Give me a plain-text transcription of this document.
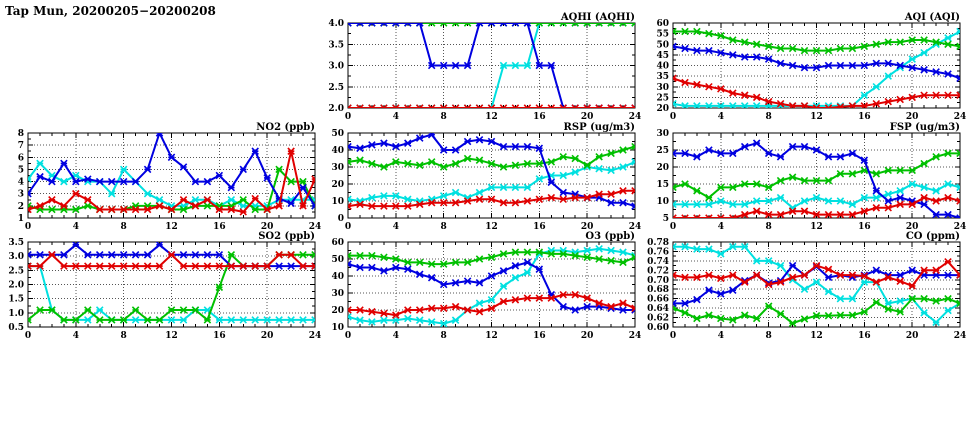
Tap Mun, 20200205−20200208
2.0
2.5
3.0
3.5
4.0
0	4	8	12	16	20	24
AQHI (AQHI)
20
25
30
35
40
45
50
55
60
0	4	8	12	16	20	24
AQI (AQI)
1
2
3
4
5
6
7
8
0	4	8	12	16	20	24
NO2 (ppb)
0
10
20
30
40
50
0	4	8	12	16	20	24
RSP (ug/m3)
5
10
15
20
25
30
0	4	8	12	16	20	24
FSP (ug/m3)
0.5
1.0
1.5
2.0
2.5
3.0
3.5
0	4	8	12	16	20	24
SO2 (ppb)
10
20
30
40
50
60
0	4	8	12	16	20	24
O3 (ppb)
0.60
0.62
0.64
0.66
0.68
0.70
0.72
0.74
0.76
0.78
0	4	8	12	16	20	24
CO (ppm)
